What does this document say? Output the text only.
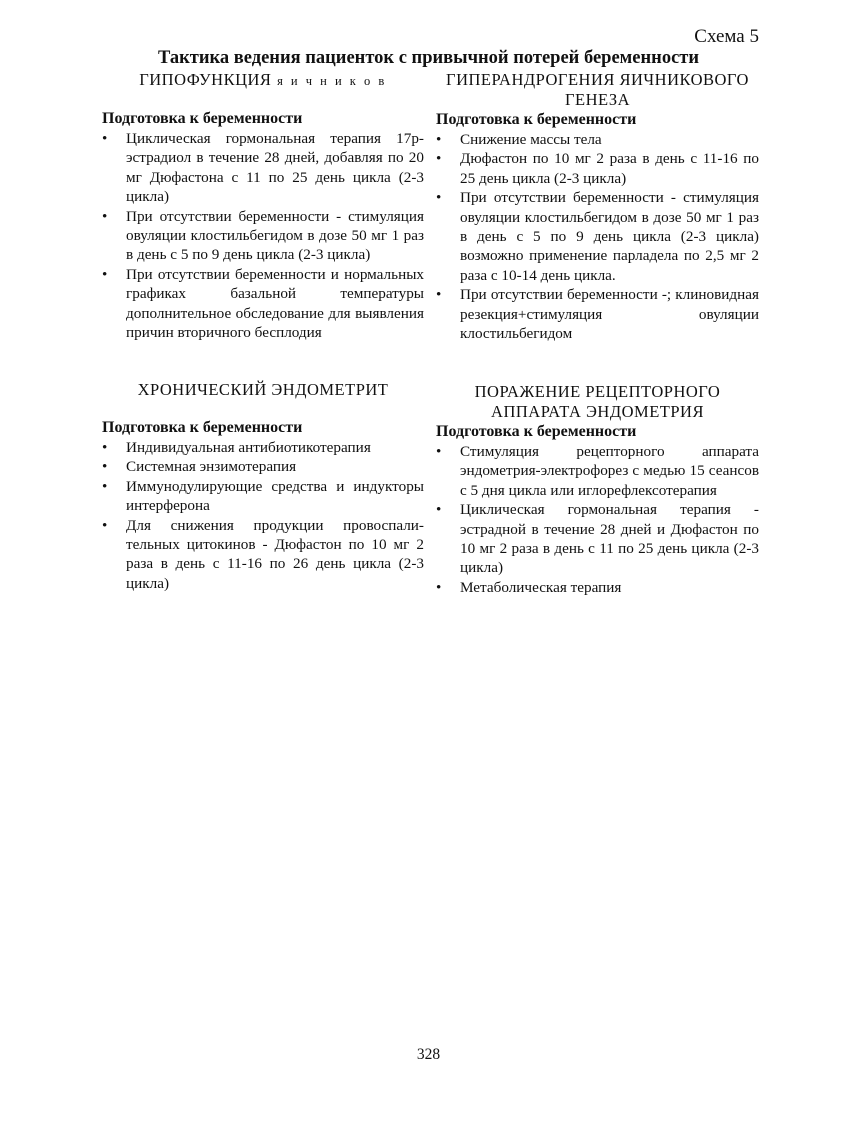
Схема 5
Тактика ведения пациенток с привычной потерей беременности

ГИПОФУНКЦИЯ я и ч н и к о в

Подготовка к беременности

• Циклическая гормональная терапия 17р-эстрадиол в течение 28 дней, добавляя по 20 мг Дюфастона с 11 по 25 день цикла (2-3 цикла)
• При отсутствии беременности - стимуляция овуляции клостильбегидом в дозе 50 мг 1 раз в день с 5 по 9 день цикла (2-3 цикла)
• При отсутствии беременности и нормальных графиках базальной температуры дополнительное обследование для выявления причин вторичного бесплодия

ГИПЕРАНДРОГЕНИЯ ЯИЧНИКОВОГО ГЕНЕЗА

Подготовка к беременности

• Снижение массы тела
• Дюфастон по 10 мг 2 раза в день с 11-16 по 25 день цикла (2-3 цикла)
• При отсутствии беременности - стимуляция овуляции клостильбегидом в дозе 50 мг 1 раз в день с 5 по 9 день цикла (2-3 цикла) возможно применение парладела по 2,5 мг 2 раза с 10-14 день цикла.
• При отсутствии беременности -; клиновидная резекция+стимуляция овуляции клостильбегидом

ХРОНИЧЕСКИЙ ЭНДОМЕТРИТ

Подготовка к беременности

• Индивидуальная антибиотикотерапия
• Системная энзимотерапия
• Иммунодулирующие средства и индукторы интерферона
• Для снижения продукции провоспали-тельных цитокинов - Дюфастон по 10 мг 2 раза в день с 11-16 по 26 день цикла (2-3 цикла)

ПОРАЖЕНИЕ РЕЦЕПТОРНОГО АППАРАТА ЭНДОМЕТРИЯ

Подготовка к беременности

• Стимуляция рецепторного аппарата эндометрия-электрофорез с медью 15 сеансов с 5 дня цикла или иглорефлексотерапия
• Циклическая гормональная терапия - эстрадной в течение 28 дней и Дюфастон по 10 мг 2 раза в день с 11 по 25 день цикла (2-3 цикла)
• Метаболическая терапия
328
